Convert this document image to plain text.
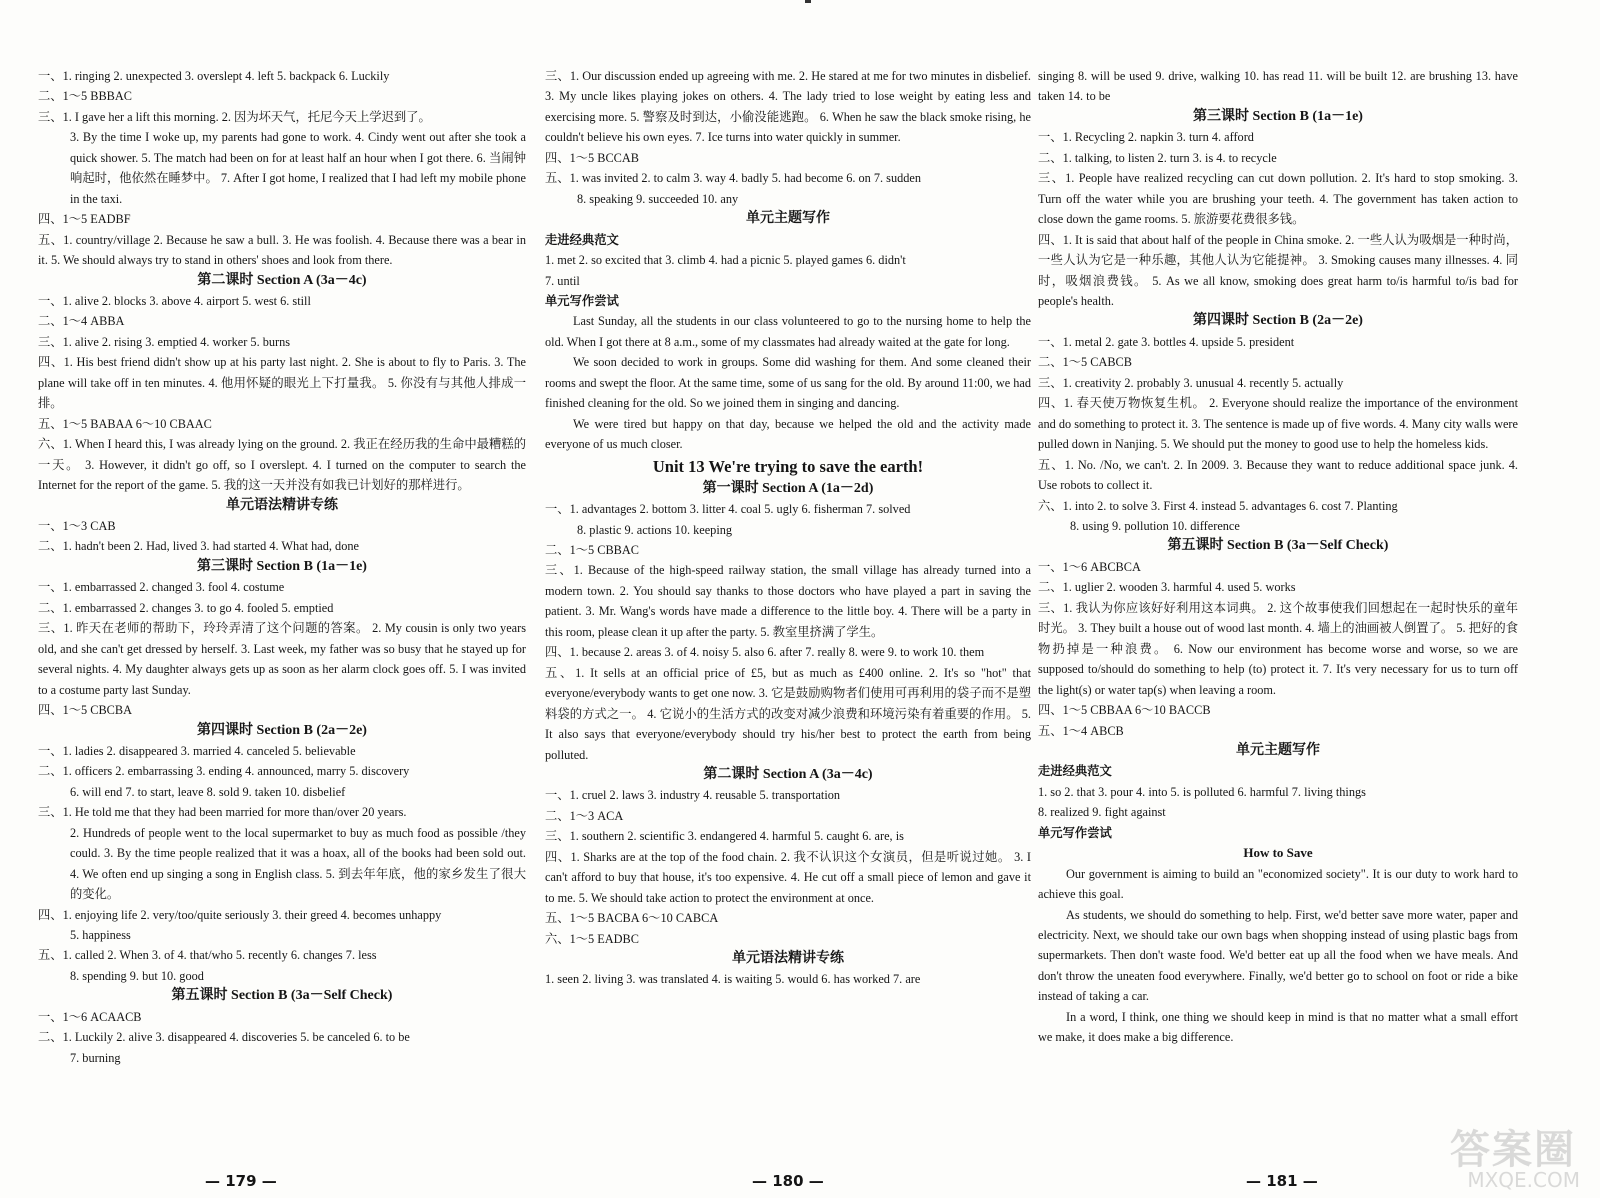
一、1. ringing 2. unexpected 3. overslept 4. left 5. backpack 6. Luckily
二、1～5 BBBAC
三、1. I gave her a lift this morning. 2. 因为坏天气，托尼今天上学迟到了。
3. By the time I woke up, my parents had gone to work. 4. Cindy went out after she took a quick shower. 5. The match had been on for at least half an hour when I got there. 6. 当闹钟响起时，他依然在睡梦中。 7. After I got home, I realized that I had left my mobile phone in the taxi.
四、1～5 EADBF
五、1. country/village 2. Because he saw a bull. 3. He was foolish. 4. Because there was a bear in it. 5. We should always try to stand in others' shoes and look from there.
第二课时 Section A (3a－4c)
一、1. alive 2. blocks 3. above 4. airport 5. west 6. still
二、1～4 ABBA
三、1. alive 2. rising 3. emptied 4. worker 5. burns
四、1. His best friend didn't show up at his party last night. 2. She is about to fly to Paris. 3. The plane will take off in ten minutes. 4. 他用怀疑的眼光上下打量我。 5. 你没有与其他人排成一排。
五、1～5 BABAA 6～10 CBAAC
六、1. When I heard this, I was already lying on the ground. 2. 我正在经历我的生命中最糟糕的一天。 3. However, it didn't go off, so I overslept. 4. I turned on the computer to search the Internet for the report of the game. 5. 我的这一天并没有如我已计划好的那样进行。
单元语法精讲专练
一、1～3 CAB
二、1. hadn't been 2. Had, lived 3. had started 4. What had, done
第三课时 Section B (1a－1e)
一、1. embarrassed 2. changed 3. fool 4. costume
二、1. embarrassed 2. changes 3. to go 4. fooled 5. emptied
三、1. 昨天在老师的帮助下，玲玲弄清了这个问题的答案。 2. My cousin is only two years old, and she can't get dressed by herself. 3. Last week, my father was so busy that he stayed up for several nights. 4. My daughter always gets up as soon as her alarm clock goes off. 5. I was invited to a costume party last Sunday.
四、1～5 CBCBA
第四课时 Section B (2a－2e)
一、1. ladies 2. disappeared 3. married 4. canceled 5. believable
二、1. officers 2. embarrassing 3. ending 4. announced, marry 5. discovery
6. will end 7. to start, leave 8. sold 9. taken 10. disbelief
三、1. He told me that they had been married for more than/over 20 years.
2. Hundreds of people went to the local supermarket to buy as much food as possible /they could. 3. By the time people realized that it was a hoax, all of the books had been sold out. 4. We often end up singing a song in English class. 5. 到去年年底，他的家乡发生了很大的变化。
四、1. enjoying life 2. very/too/quite seriously 3. their greed 4. becomes unhappy
5. happiness
五、1. called 2. When 3. of 4. that/who 5. recently 6. changes 7. less
8. spending 9. but 10. good
第五课时 Section B (3a－Self Check)
一、1～6 ACAACB
二、1. Luckily 2. alive 3. disappeared 4. discoveries 5. be canceled 6. to be
7. burning
三、1. Our discussion ended up agreeing with me. 2. He stared at me for two minutes in disbelief. 3. My uncle likes playing jokes on others. 4. The lady tried to lose weight by eating less and exercising more. 5. 警察及时到达，小偷没能逃跑。 6. When he saw the black smoke rising, he couldn't believe his own eyes. 7. Ice turns into water quickly in summer.
四、1～5 BCCAB
五、1. was invited 2. to calm 3. way 4. badly 5. had become 6. on 7. sudden
8. speaking 9. succeeded 10. any
单元主题写作
走进经典范文
1. met 2. so excited that 3. climb 4. had a picnic 5. played games 6. didn't
7. until
单元写作尝试
Last Sunday, all the students in our class volunteered to go to the nursing home to help the old. When I got there at 8 a.m., some of my classmates had already waited at the gate for long.
We soon decided to work in groups. Some did washing for them. And some cleaned their rooms and swept the floor. At the same time, some of us sang for the old. By around 11:00, we had finished cleaning for the old. So we joined them in singing and dancing.
We were tired but happy on that day, because we helped the old and the activity made everyone of us much closer.
Unit 13 We're trying to save the earth!
第一课时 Section A (1a－2d)
一、1. advantages 2. bottom 3. litter 4. coal 5. ugly 6. fisherman 7. solved
8. plastic 9. actions 10. keeping
二、1～5 CBBAC
三、1. Because of the high-speed railway station, the small village has already turned into a modern town. 2. You should say thanks to those doctors who have played a part in saving the patient. 3. Mr. Wang's words have made a difference to the little boy. 4. There will be a party in this room, please clean it up after the party. 5. 教室里挤满了学生。
四、1. because 2. areas 3. of 4. noisy 5. also 6. after 7. really 8. were 9. to work 10. them
五、1. It sells at an official price of £5, but as much as £400 online. 2. It's so "hot" that everyone/everybody wants to get one now. 3. 它是鼓励购物者们使用可再利用的袋子而不是塑料袋的方式之一。 4. 它说小的生活方式的改变对减少浪费和环境污染有着重要的作用。 5. It also says that everyone/everybody should try his/her best to protect the earth from being polluted.
第二课时 Section A (3a－4c)
一、1. cruel 2. laws 3. industry 4. reusable 5. transportation
二、1～3 ACA
三、1. southern 2. scientific 3. endangered 4. harmful 5. caught 6. are, is
四、1. Sharks are at the top of the food chain. 2. 我不认识这个女演员，但是听说过她。 3. I can't afford to buy that house, it's too expensive. 4. He cut off a small piece of lemon and gave it to me. 5. We should take action to protect the environment at once.
五、1～5 BACBA 6～10 CABCA
六、1～5 EADBC
单元语法精讲专练
1. seen 2. living 3. was translated 4. is waiting 5. would 6. has worked 7. are
singing 8. will be used 9. drive, walking 10. has read 11. will be built 12. are brushing 13. have taken 14. to be
第三课时 Section B (1a－1e)
一、1. Recycling 2. napkin 3. turn 4. afford
二、1. talking, to listen 2. turn 3. is 4. to recycle
三、1. People have realized recycling can cut down pollution. 2. It's hard to stop smoking. 3. Turn off the water while you are brushing your teeth. 4. The government has taken action to close down the game rooms. 5. 旅游要花费很多钱。
四、1. It is said that about half of the people in China smoke. 2. 一些人认为吸烟是一种时尚，一些人认为它是一种乐趣，其他人认为它能提神。 3. Smoking causes many illnesses. 4. 同时，吸烟浪费钱。 5. As we all know, smoking does great harm to/is harmful to/is bad for people's health.
第四课时 Section B (2a－2e)
一、1. metal 2. gate 3. bottles 4. upside 5. president
二、1～5 CABCB
三、1. creativity 2. probably 3. unusual 4. recently 5. actually
四、1. 春天使万物恢复生机。 2. Everyone should realize the importance of the environment and do something to protect it. 3. The sentence is made up of five words. 4. Many city walls were pulled down in Nanjing. 5. We should put the money to good use to help the homeless kids.
五、1. No. /No, we can't. 2. In 2009. 3. Because they want to reduce additional space junk. 4. Use robots to collect it.
六、1. into 2. to solve 3. First 4. instead 5. advantages 6. cost 7. Planting
8. using 9. pollution 10. difference
第五课时 Section B (3a－Self Check)
一、1～6 ABCBCA
二、1. uglier 2. wooden 3. harmful 4. used 5. works
三、1. 我认为你应该好好利用这本词典。 2. 这个故事使我们回想起在一起时快乐的童年时光。 3. They built a house out of wood last month. 4. 墙上的油画被人倒置了。 5. 把好的食物扔掉是一种浪费。 6. Now our environment has become worse and worse, so we are supposed to/should do something to help (to) protect it. 7. It's very necessary for us to turn off the light(s) or water tap(s) when leaving a room.
四、1～5 CBBAA 6～10 BACCB
五、1～4 ABCB
单元主题写作
走进经典范文
1. so 2. that 3. pour 4. into 5. is polluted 6. harmful 7. living things
8. realized 9. fight against
单元写作尝试
How to Save
Our government is aiming to build an "economized society". It is our duty to work hard to achieve this goal.
As students, we should do something to help. First, we'd better save more water, paper and electricity. Next, we should take our own bags when shopping instead of using plastic bags from supermarkets. Then don't waste food. We'd better eat up all the food when we have meals. And don't throw the uneaten food everywhere. Finally, we'd better go to school on foot or ride a bike instead of taking a car.
In a word, I think, one thing we should keep in mind is that no matter what a small effort we make, it does make a big difference.
— 179 —	— 180 —	— 181 —
答案圈
MXQE.COM
